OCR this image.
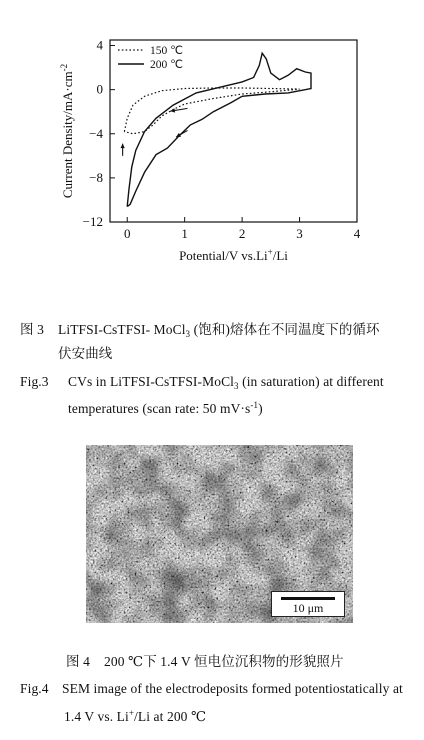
0	1	2	3	4
4
0
−4
−8
−12
Potential/V vs.Li+/Li
Current Density/$mA\cdot cm^{-2}$
150 ℃
200 ℃
图 3 LiTFSI-CsTFSI- MoCl$_3$ (饱和)熔体在不同温度下的循环
伏安曲线
Fig.3 CVs in LiTFSI-CsTFSI-MoCl$_3$ (in saturation) at different
temperatures (scan rate: 50 $mV\cdot s^{-1}$)
10 μm
图 4 200 ℃下 1.4 V 恒电位沉积物的形貌照片
Fig.4 SEM image of the electrodeposits formed potentiostatically at
1.4 V vs. Li+/Li at 200 ℃
